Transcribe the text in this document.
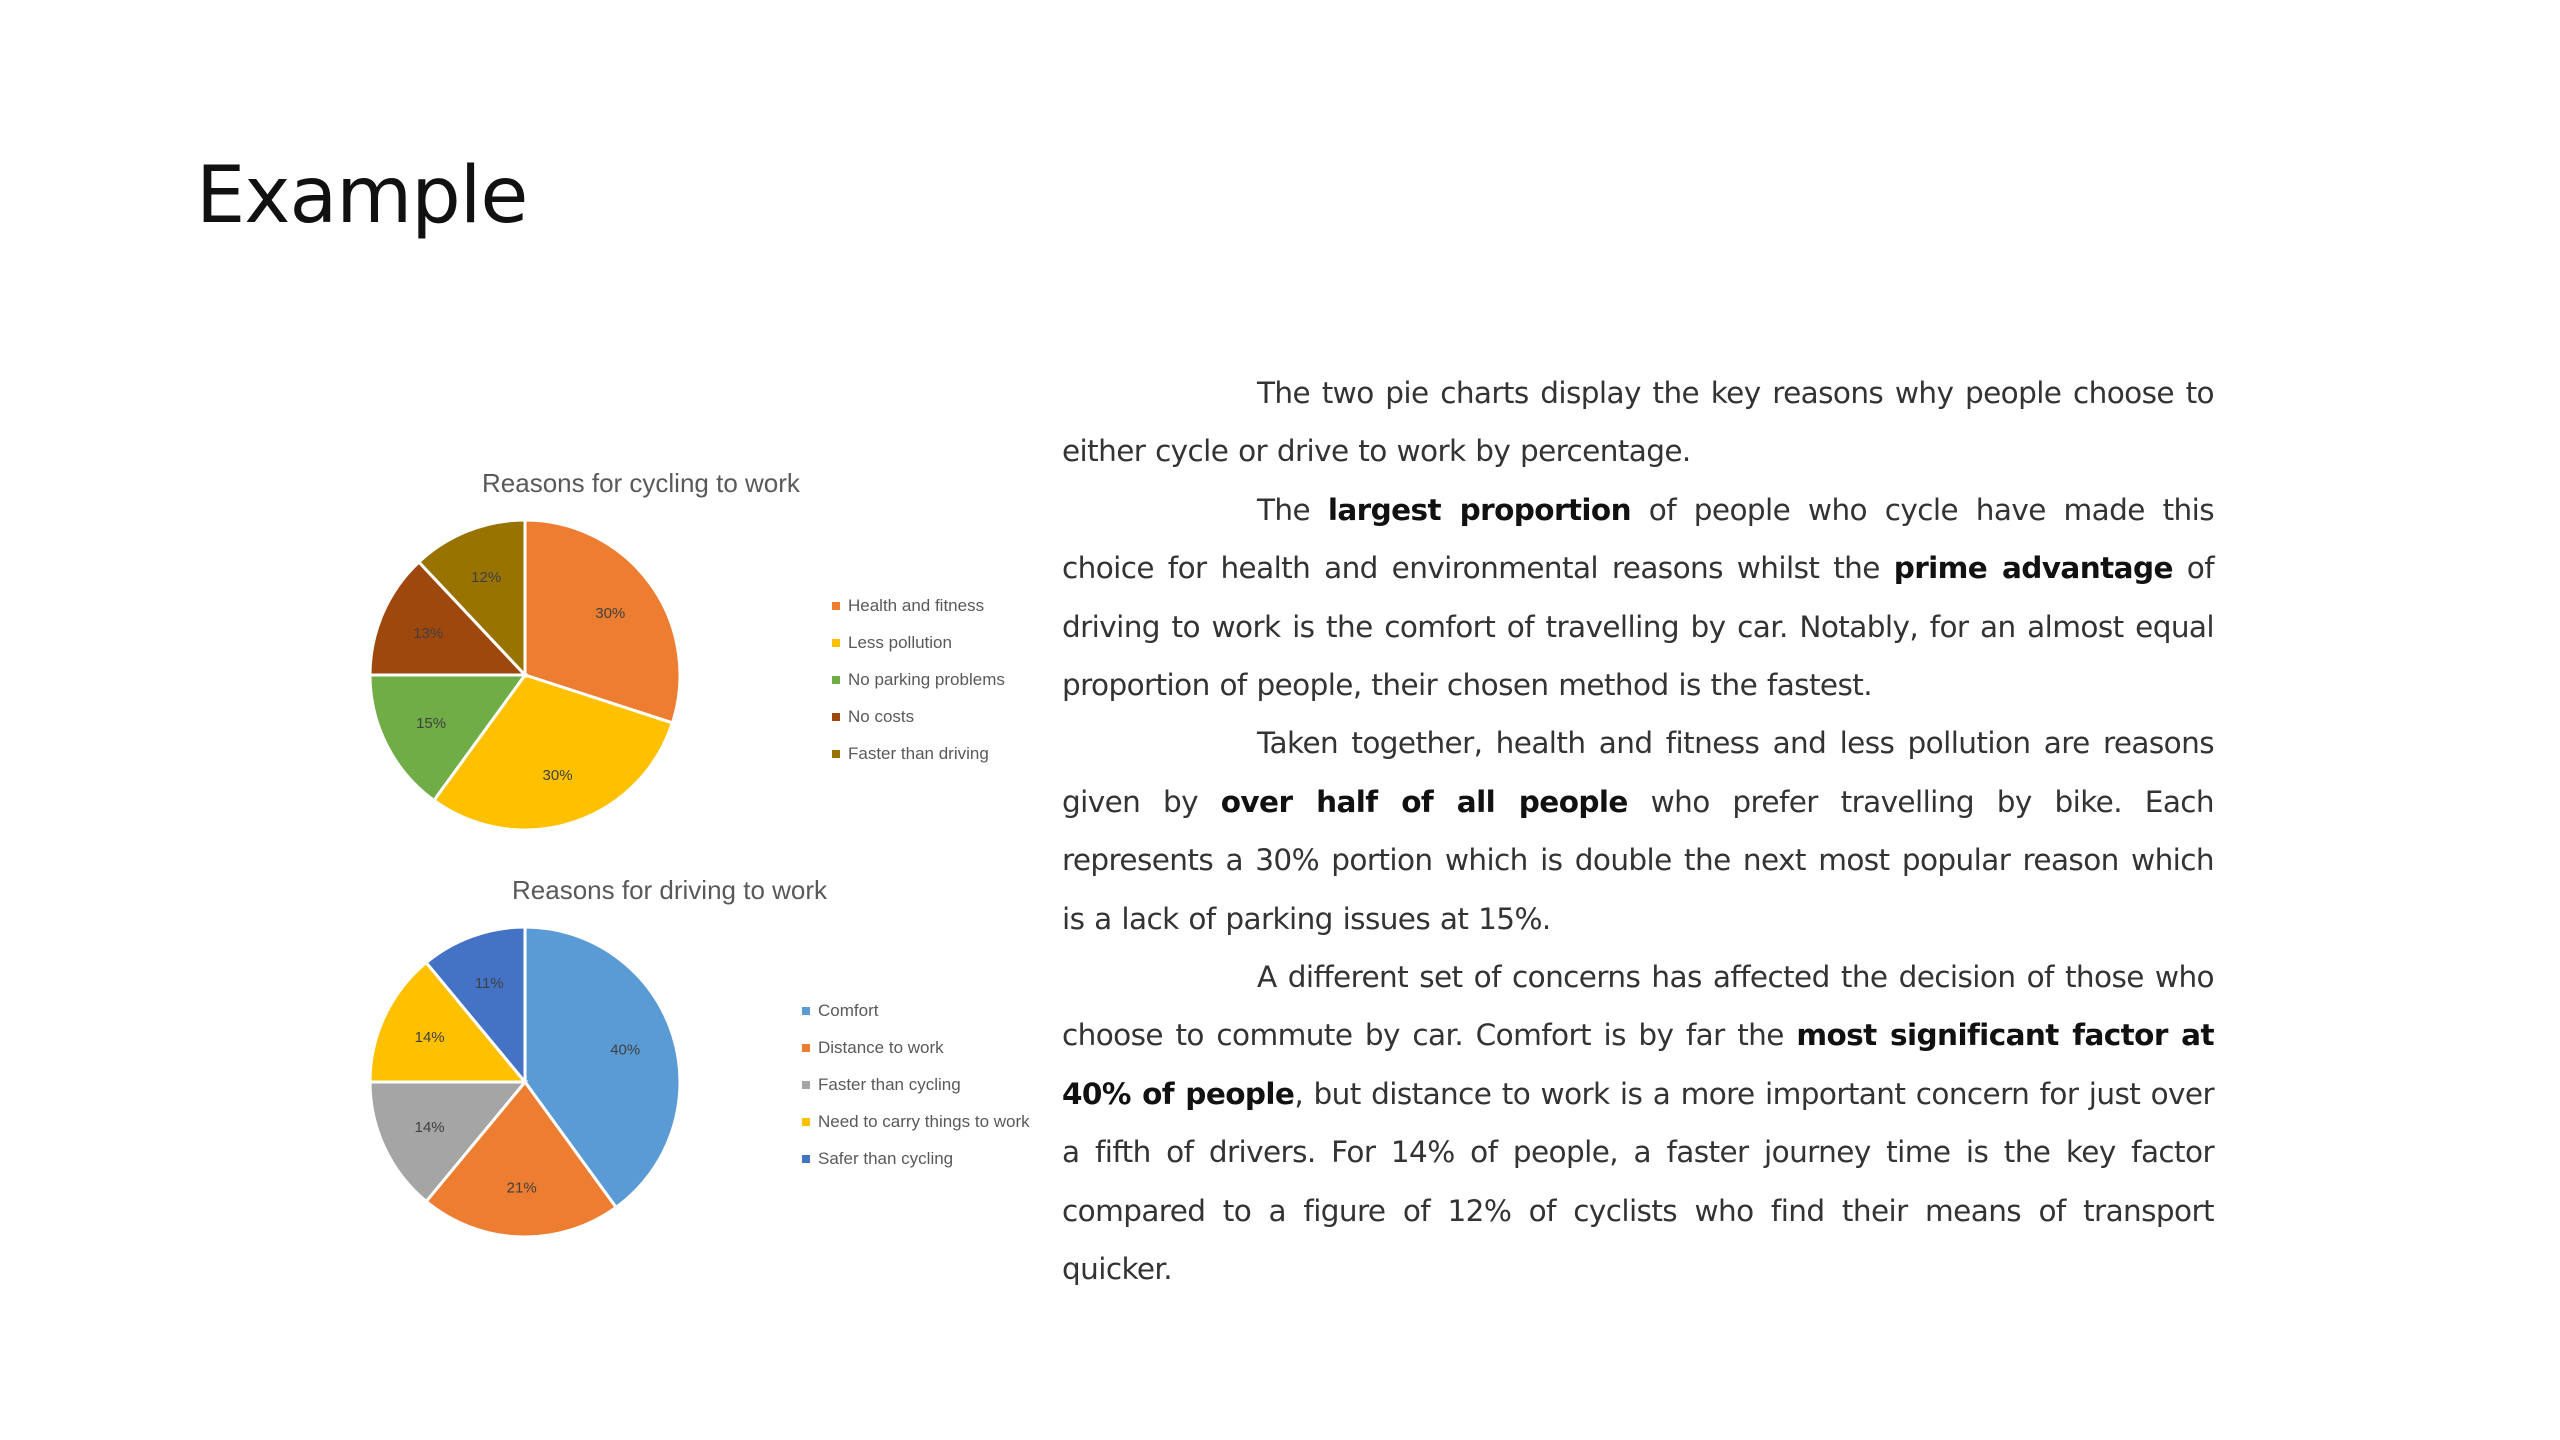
Example
Reasons for cycling to work
30%
30%
15%
13%
12%
Health and fitness
Less pollution
No parking problems
No costs
Faster than driving
Reasons for driving to work
40%
21%
14%
14%
11%
Comfort
Distance to work
Faster than cycling
Need to carry things to work
Safer than cycling

The two pie charts display the key reasons why people choose to either cycle or drive to work by percentage.

The largest proportion of people who cycle have made this choice for health and environmental reasons whilst the prime advantage of driving to work is the comfort of travelling by car. Notably, for an almost equal proportion of people, their chosen method is the fastest.

Taken together, health and fitness and less pollution are reasons given by over half of all people who prefer travelling by bike. Each represents a 30% portion which is double the next most popular reason which is a lack of parking issues at 15%.

A different set of concerns has affected the decision of those who choose to commute by car. Comfort is by far the most significant factor at 40% of people, but distance to work is a more important concern for just over a fifth of drivers. For 14% of people, a faster journey time is the key factor compared to a figure of 12% of cyclists who find their means of transport quicker.
